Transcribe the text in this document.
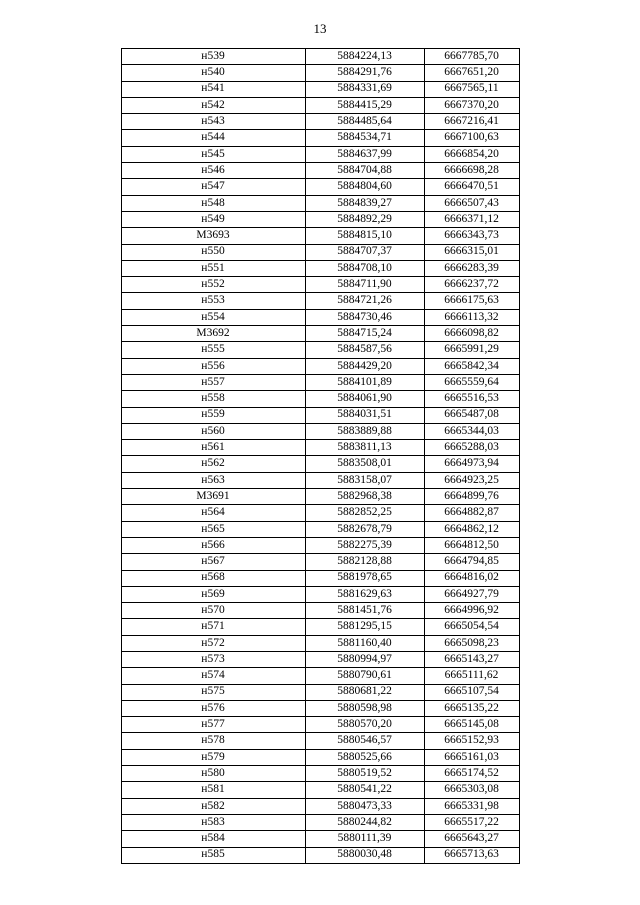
13
н539	5884224,13	6667785,70
н540	5884291,76	6667651,20
н541	5884331,69	6667565,11
н542	5884415,29	6667370,20
н543	5884485,64	6667216,41
н544	5884534,71	6667100,63
н545	5884637,99	6666854,20
н546	5884704,88	6666698,28
н547	5884804,60	6666470,51
н548	5884839,27	6666507,43
н549	5884892,29	6666371,12
М3693	5884815,10	6666343,73
н550	5884707,37	6666315,01
н551	5884708,10	6666283,39
н552	5884711,90	6666237,72
н553	5884721,26	6666175,63
н554	5884730,46	6666113,32
М3692	5884715,24	6666098,82
н555	5884587,56	6665991,29
н556	5884429,20	6665842,34
н557	5884101,89	6665559,64
н558	5884061,90	6665516,53
н559	5884031,51	6665487,08
н560	5883889,88	6665344,03
н561	5883811,13	6665288,03
н562	5883508,01	6664973,94
н563	5883158,07	6664923,25
М3691	5882968,38	6664899,76
н564	5882852,25	6664882,87
н565	5882678,79	6664862,12
н566	5882275,39	6664812,50
н567	5882128,88	6664794,85
н568	5881978,65	6664816,02
н569	5881629,63	6664927,79
н570	5881451,76	6664996,92
н571	5881295,15	6665054,54
н572	5881160,40	6665098,23
н573	5880994,97	6665143,27
н574	5880790,61	6665111,62
н575	5880681,22	6665107,54
н576	5880598,98	6665135,22
н577	5880570,20	6665145,08
н578	5880546,57	6665152,93
н579	5880525,66	6665161,03
н580	5880519,52	6665174,52
н581	5880541,22	6665303,08
н582	5880473,33	6665331,98
н583	5880244,82	6665517,22
н584	5880111,39	6665643,27
н585	5880030,48	6665713,63
